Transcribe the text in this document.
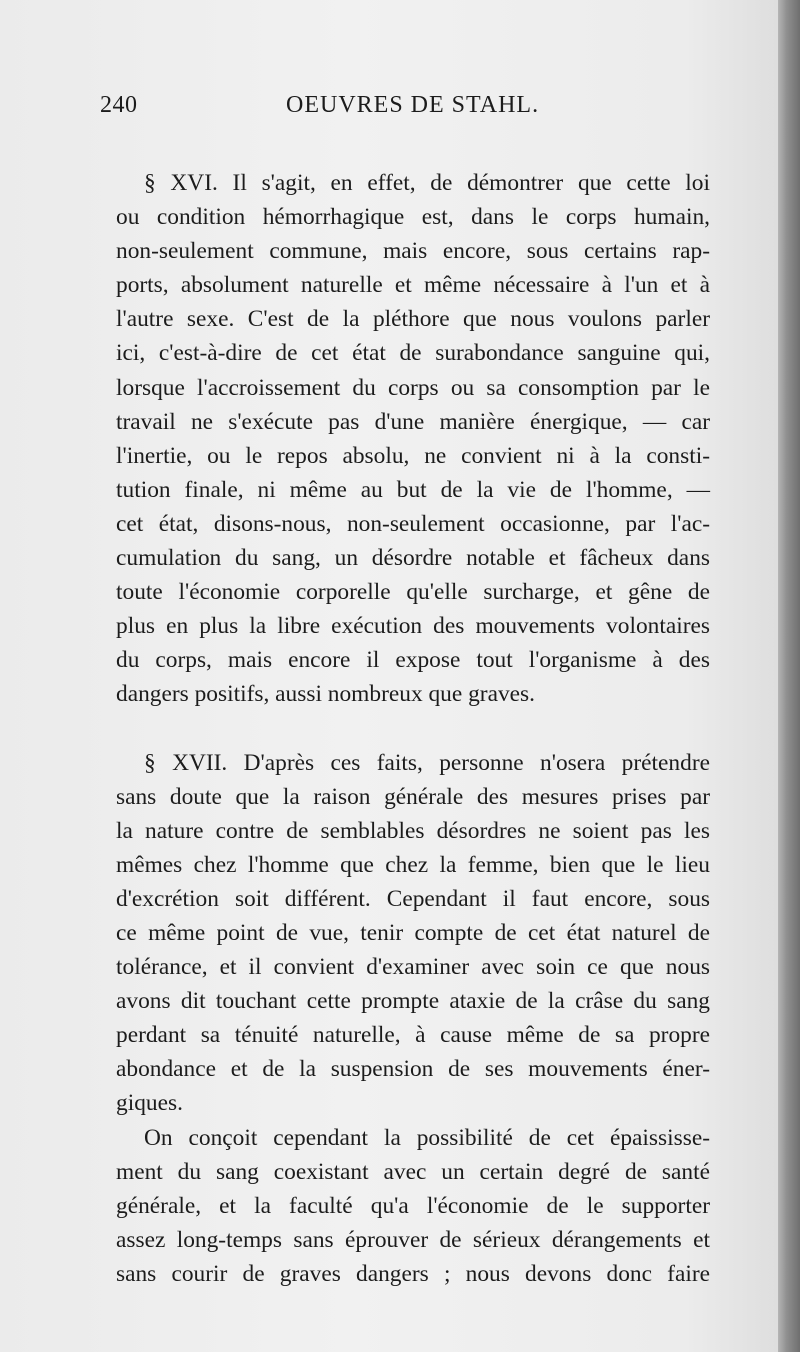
240	OEUVRES DE STAHL.

§ XVI. Il s'agit, en effet, de démontrer que cette loi

ou condition hémorrhagique est, dans le corps humain,

non-seulement commune, mais encore, sous certains rap-

ports, absolument naturelle et même nécessaire à l'un et à

l'autre sexe. C'est de la pléthore que nous voulons parler

ici, c'est-à-dire de cet état de surabondance sanguine qui,

lorsque l'accroissement du corps ou sa consomption par le

travail ne s'exécute pas d'une manière énergique, — car

l'inertie, ou le repos absolu, ne convient ni à la consti-

tution finale, ni même au but de la vie de l'homme, —

cet état, disons-nous, non-seulement occasionne, par l'ac-

cumulation du sang, un désordre notable et fâcheux dans

toute l'économie corporelle qu'elle surcharge, et gêne de

plus en plus la libre exécution des mouvements volontaires

du corps, mais encore il expose tout l'organisme à des

dangers positifs, aussi nombreux que graves.

§ XVII. D'après ces faits, personne n'osera prétendre

sans doute que la raison générale des mesures prises par

la nature contre de semblables désordres ne soient pas les

mêmes chez l'homme que chez la femme, bien que le lieu

d'excrétion soit différent. Cependant il faut encore, sous

ce même point de vue, tenir compte de cet état naturel de

tolérance, et il convient d'examiner avec soin ce que nous

avons dit touchant cette prompte ataxie de la crâse du sang

perdant sa ténuité naturelle, à cause même de sa propre

abondance et de la suspension de ses mouvements éner-

giques.

On conçoit cependant la possibilité de cet épaississe-

ment du sang coexistant avec un certain degré de santé

générale, et la faculté qu'a l'économie de le supporter

assez long-temps sans éprouver de sérieux dérangements et

sans courir de graves dangers ; nous devons donc faire
